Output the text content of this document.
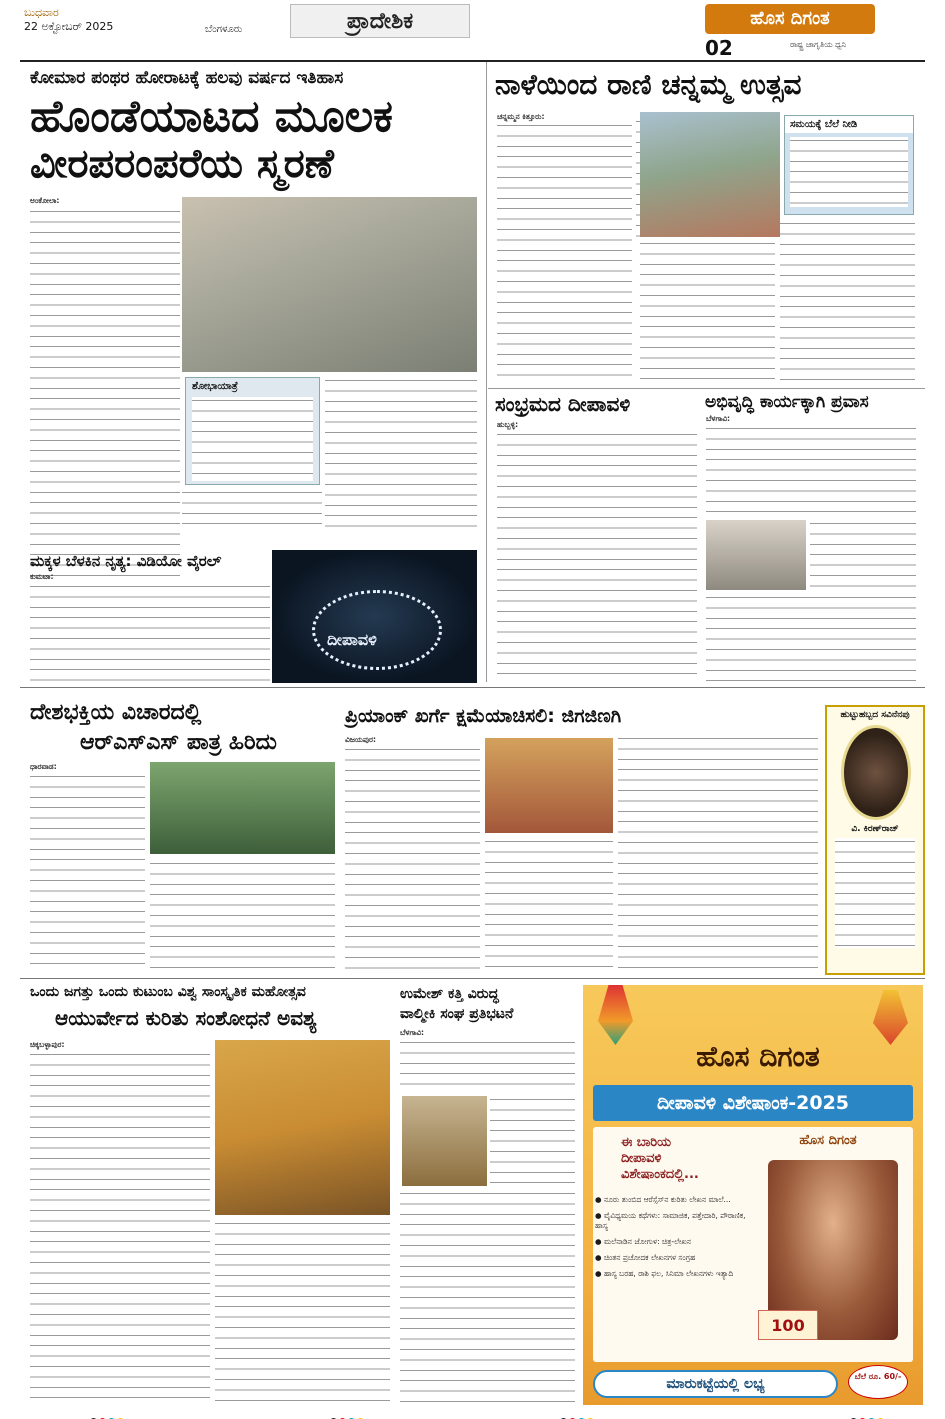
ಬುಧವಾರ
22 ಅಕ್ಟೋಬರ್ 2025	ಬೆಂಗಳೂರು	ಪ್ರಾದೇಶಿಕ	ಹೊಸ ದಿಗಂತ
02	ರಾಷ್ಟ್ರ ಜಾಗೃತಿಯ ಧ್ವನಿ
ಕೋಮಾರ ಪಂಥರ ಹೋರಾಟಕ್ಕೆ ಹಲವು ವರ್ಷದ ಇತಿಹಾಸ
ಹೊಂಡೆಯಾಟದ ಮೂಲಕ
ವೀರಪರಂಪರೆಯ ಸ್ಮರಣೆ
ಅಂಕೋಲಾ:
ಶೋಭಾಯಾತ್ರೆ
ನಾಳೆಯಿಂದ ರಾಣಿ ಚನ್ನಮ್ಮ ಉತ್ಸವ
ಚನ್ನಮ್ಮನ ಕಿತ್ತೂರು:
ಸಮಯಕ್ಕೆ ಬೆಲೆ ನೀಡಿ
ಸಂಭ್ರಮದ ದೀಪಾವಳಿ
ಹುಬ್ಬಳ್ಳಿ:
ಅಭಿವೃದ್ಧಿ ಕಾರ್ಯಕ್ಕಾಗಿ ಪ್ರವಾಸ
ಬೆಳಗಾವಿ:
ಮಕ್ಕಳ ಬೆಳಕಿನ ನೃತ್ಯ: ವಿಡಿಯೋ ವೈರಲ್
ಕುಮಟಾ:
ದೀಪಾವಳಿ
ದೇಶಭಕ್ತಿಯ ವಿಚಾರದಲ್ಲಿ
ಆರ್‌ಎಸ್‌ಎಸ್ ಪಾತ್ರ ಹಿರಿದು
ಧಾರವಾಡ:
ಪ್ರಿಯಾಂಕ್ ಖರ್ಗೆ ಕ್ಷಮೆಯಾಚಿಸಲಿ: ಜಿಗಜಿಣಗಿ
ವಿಜಯಪುರ:
ಹುಟ್ಟುಹಬ್ಬದ ಸವಿನೆನಪು
ವಿ. ಕಿರಣ್‌ರಾಜ್
ಒಂದು ಜಗತ್ತು ಒಂದು ಕುಟುಂಬ ವಿಶ್ವ ಸಾಂಸ್ಕೃತಿಕ ಮಹೋತ್ಸವ
ಆಯುರ್ವೇದ ಕುರಿತು ಸಂಶೋಧನೆ ಅವಶ್ಯ
ಚಿಕ್ಕಬಳ್ಳಾಪುರ:
ಉಮೇಶ್ ಕತ್ತಿ ವಿರುದ್ಧ
ವಾಲ್ಮೀಕಿ ಸಂಘ ಪ್ರತಿಭಟನೆ
ಬೆಳಗಾವಿ:
ಹೊಸ ದಿಗಂತ
ದೀಪಾವಳಿ ವಿಶೇಷಾಂಕ-2025
ಹೊಸ ದಿಗಂತ
ಈ ಬಾರಿಯ
ದೀಪಾವಳಿ
ವಿಶೇಷಾಂಕದಲ್ಲಿ...
● ನೂರು ತುಂಬಿದ ಆರೆಸ್ಸೆಸ್‌ನ ಕುರಿತು ಲೇಖನ ಮಾಲೆ...
● ವೈವಿಧ್ಯಮಯ ಕಥೆಗಳು: ಸಾಮಾಜಿಕ, ಪತ್ತೇದಾರಿ, ಪೌರಾಣಿಕ, ಹಾಸ್ಯ
● ಮಲೆನಾಡಿನ ಜೋಗುಳ: ಚಿತ್ರ-ಲೇಖನ
● ಚಿಂತನ ಪ್ರಚೋದಕ ಲೇಖನಗಳ ಸಂಗ್ರಹ
● ಹಾಸ್ಯ ಬರಹ, ರಾಶಿ ಫಲ, ಸಿನಿಮಾ ಲೇಖನಗಳು ಇತ್ಯಾದಿ
100
ಬೆಲೆ ರೂ. 60/-
ಮಾರುಕಟ್ಟೆಯಲ್ಲಿ ಲಭ್ಯ
